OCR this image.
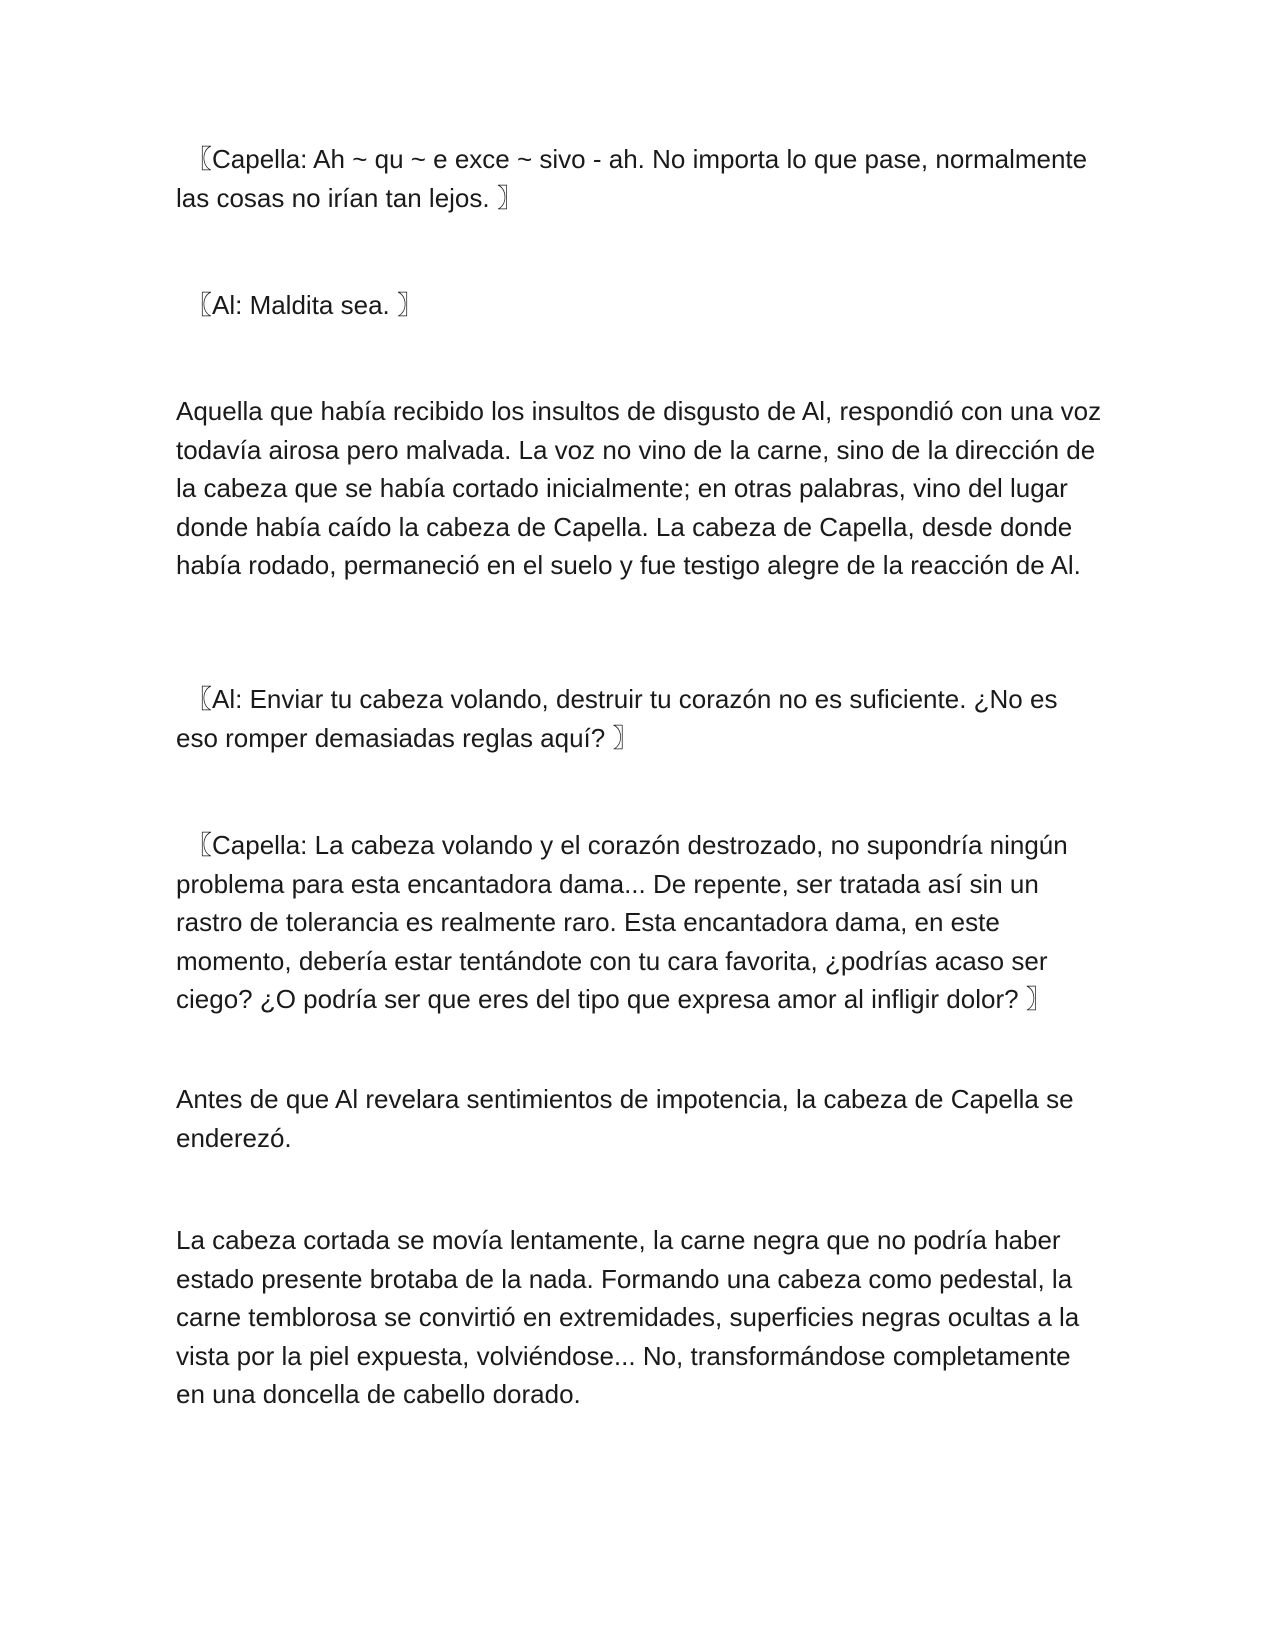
〖Capella: Ah ~ qu ~ e exce ~ sivo - ah. No importa lo que pase, normalmente las cosas no irían tan lejos. 〗

〖Al: Maldita sea. 〗

Aquella que había recibido los insultos de disgusto de Al, respondió con una voz todavía airosa pero malvada. La voz no vino de la carne, sino de la dirección de la cabeza que se había cortado inicialmente; en otras palabras, vino del lugar donde había caído la cabeza de Capella. La cabeza de Capella, desde donde había rodado, permaneció en el suelo y fue testigo alegre de la reacción de Al.

〖Al: Enviar tu cabeza volando, destruir tu corazón no es suficiente. ¿No es eso romper demasiadas reglas aquí? 〗

〖Capella: La cabeza volando y el corazón destrozado, no supondría ningún problema para esta encantadora dama... De repente, ser tratada así sin un rastro de tolerancia es realmente raro. Esta encantadora dama, en este momento, debería estar tentándote con tu cara favorita, ¿podrías acaso ser ciego? ¿O podría ser que eres del tipo que expresa amor al infligir dolor? 〗

Antes de que Al revelara sentimientos de impotencia, la cabeza de Capella se enderezó.

La cabeza cortada se movía lentamente, la carne negra que no podría haber estado presente brotaba de la nada. Formando una cabeza como pedestal, la carne temblorosa se convirtió en extremidades, superficies negras ocultas a la vista por la piel expuesta, volviéndose... No, transformándose completamente en una doncella de cabello dorado.
